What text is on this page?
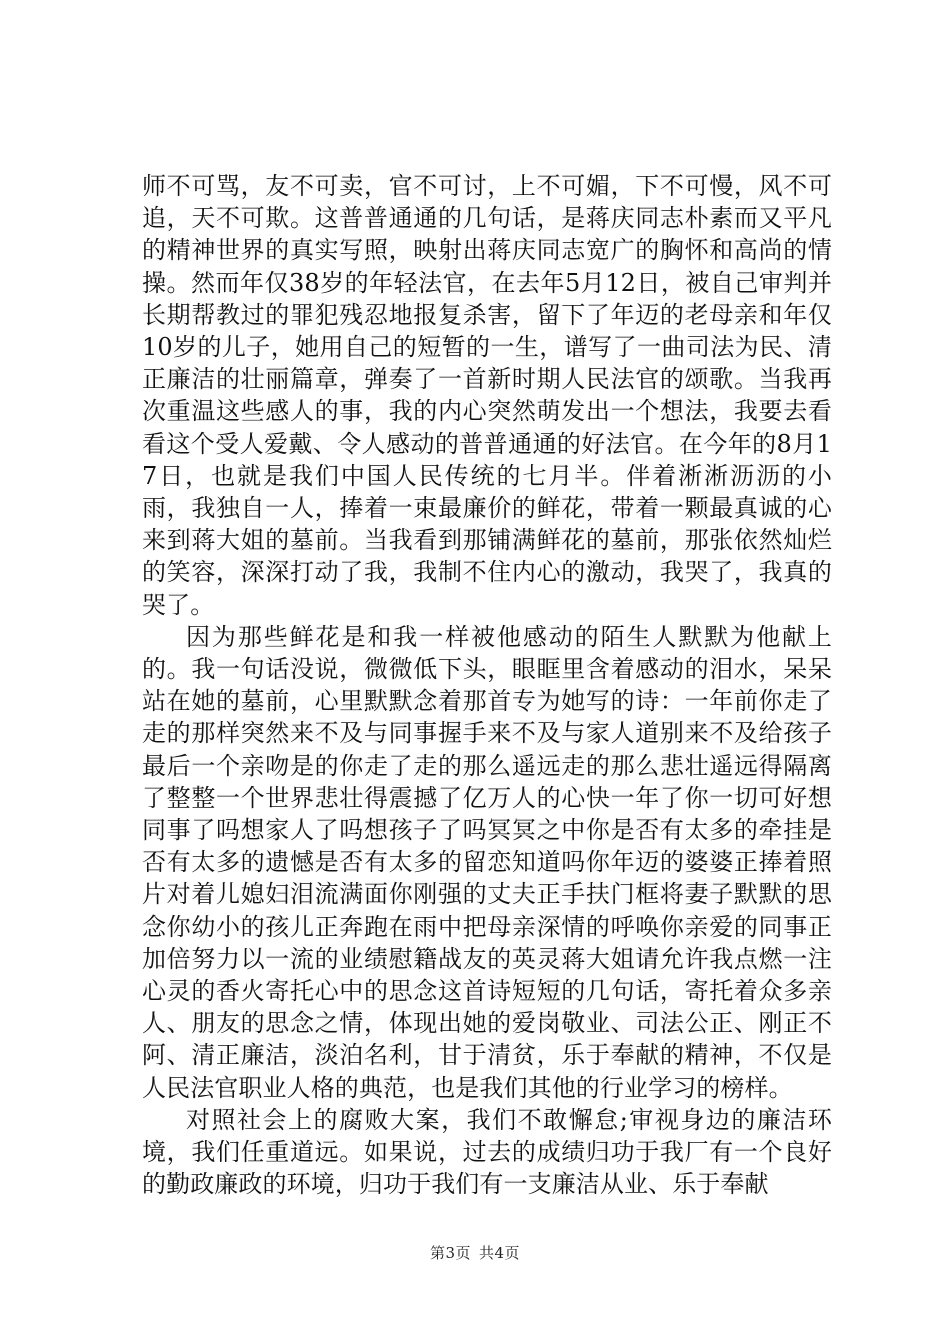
师不可骂，友不可卖，官不可讨，上不可媚，下不可慢，风不可追，天不可欺。这普普通通的几句话，是蒋庆同志朴素而又平凡的精神世界的真实写照，映射出蒋庆同志宽广的胸怀和高尚的情操。然而年仅38岁的年轻法官，在去年5月12日，被自己审判并长期帮教过的罪犯残忍地报复杀害，留下了年迈的老母亲和年仅10岁的儿子，她用自己的短暂的一生，谱写了一曲司法为民、清正廉洁的壮丽篇章，弹奏了一首新时期人民法官的颂歌。当我再次重温这些感人的事，我的内心突然萌发出一个想法，我要去看看这个受人爱戴、令人感动的普普通通的好法官。在今年的8月17日，也就是我们中国人民传统的七月半。伴着淅淅沥沥的小雨，我独自一人，捧着一束最廉价的鲜花，带着一颗最真诚的心来到蒋大姐的墓前。当我看到那铺满鲜花的墓前，那张依然灿烂的笑容，深深打动了我，我制不住内心的激动，我哭了，我真的哭了。

因为那些鲜花是和我一样被他感动的陌生人默默为他献上的。我一句话没说，微微低下头，眼眶里含着感动的泪水，呆呆站在她的墓前，心里默默念着那首专为她写的诗：一年前你走了走的那样突然来不及与同事握手来不及与家人道别来不及给孩子最后一个亲吻是的你走了走的那么遥远走的那么悲壮遥远得隔离了整整一个世界悲壮得震撼了亿万人的心快一年了你一切可好想同事了吗想家人了吗想孩子了吗冥冥之中你是否有太多的牵挂是否有太多的遗憾是否有太多的留恋知道吗你年迈的婆婆正捧着照片对着儿媳妇泪流满面你刚强的丈夫正手扶门框将妻子默默的思念你幼小的孩儿正奔跑在雨中把母亲深情的呼唤你亲爱的同事正加倍努力以一流的业绩慰籍战友的英灵蒋大姐请允许我点燃一注心灵的香火寄托心中的思念这首诗短短的几句话，寄托着众多亲人、朋友的思念之情，体现出她的爱岗敬业、司法公正、刚正不阿、清正廉洁，淡泊名利，甘于清贫，乐于奉献的精神，不仅是人民法官职业人格的典范，也是我们其他的行业学习的榜样。

对照社会上的腐败大案，我们不敢懈怠;审视身边的廉洁环境，我们任重道远。如果说，过去的成绩归功于我厂有一个良好的勤政廉政的环境，归功于我们有一支廉洁从业、乐于奉献

第3页 共4页
